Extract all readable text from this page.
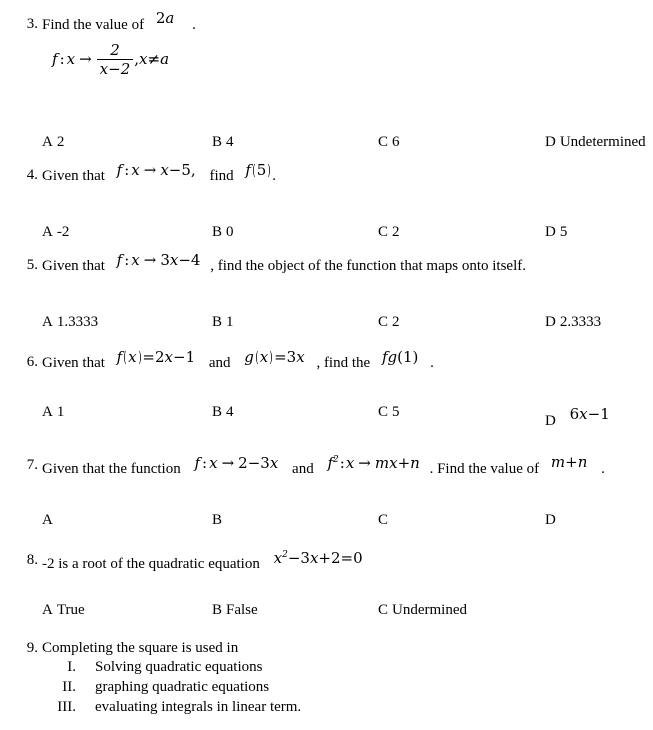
3. Find the value of 2a .
f : $x \to \frac{2}{x-2} ,x\ne a$
A 2	B 4	C 6	D Undetermined
4. Given that f : x → x−5, find f(5).
A -2	B 0	C 2	D 5
5. Given that f : x → 3x−4 , find the object of the function that maps onto itself.
A 1.3333	B 1	C 2	D 2.3333
6. Given that f(x)=2x−1 and g(x)=3x , find the fg(1) .
A 1	B 4	C 5
D 6x−1
7. Given that the function f : x → 2−3x and $f^2:x \to mx+n$ . Find the value of m+n .
A	B	C	D
8. -2 is a root of the quadratic equation $x^2-3x+2=0$
A True	B False	C Undermined
9. Completing the square is used in
I. Solving quadratic equations
II. graphing quadratic equations
III. evaluating integrals in linear term.
